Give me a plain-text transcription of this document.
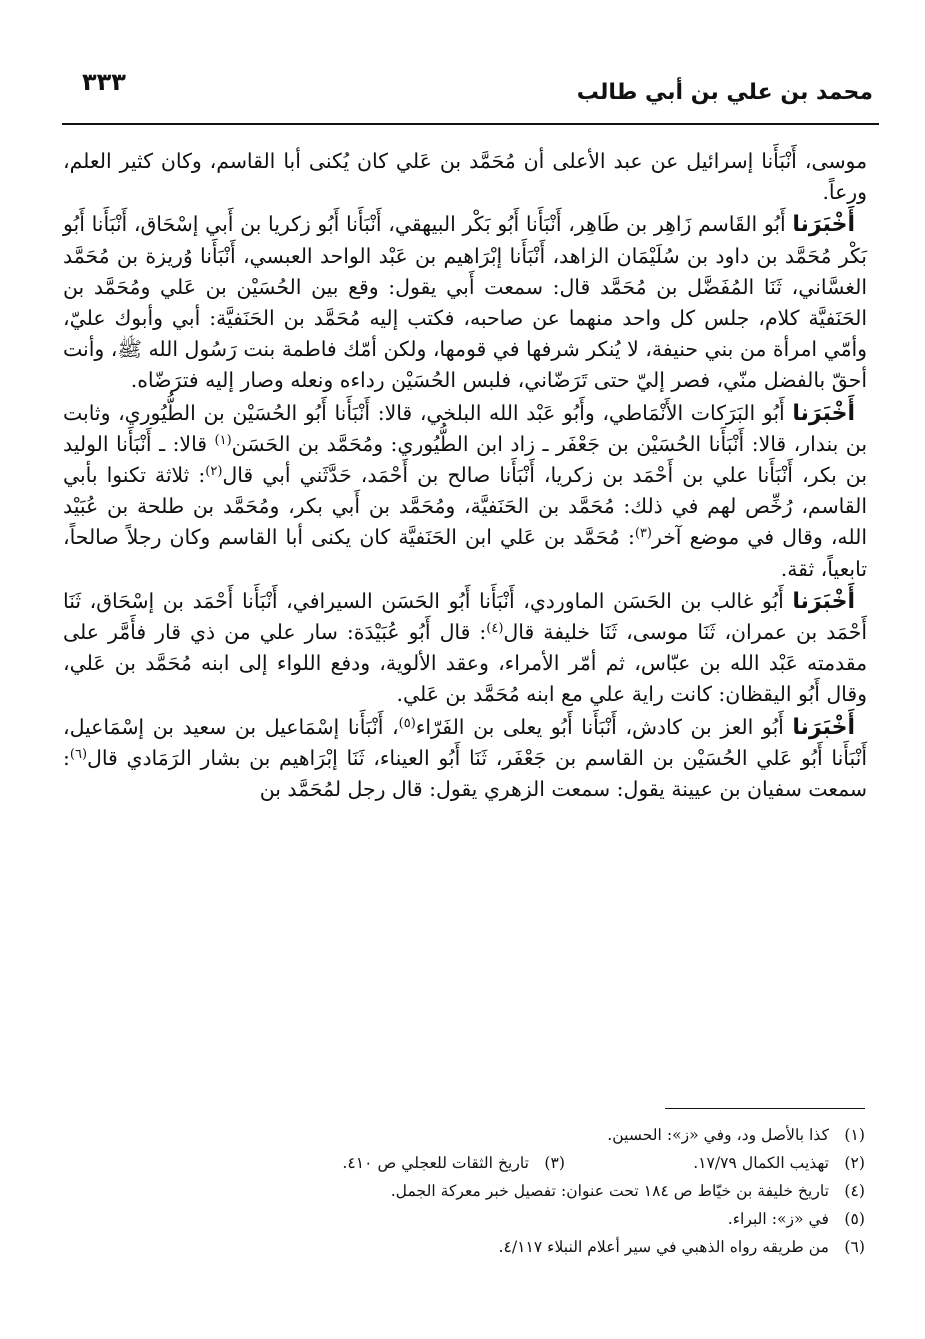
محمد بن علي بن أبي طالب
٣٣٣

موسى، أَنْبَأَنا إسرائيل عن عبد الأعلى أن مُحَمَّد بن عَلي كان يُكنى أبا القاسم، وكان كثير العلم، ورعاً.

أَخْبَرَنا أَبُو القَاسم زَاهِر بن طَاهِر، أَنْبَأَنا أَبُو بَكْر البيهقي، أَنْبَأَنا أَبُو زكريا بن أَبي إسْحَاق، أَنْبَأَنا أَبُو بَكْر مُحَمَّد بن داود بن سُلَيْمَان الزاهد، أَنْبَأَنا إبْرَاهيم بن عَبْد الواحد العبسي، أَنْبَأَنا وُريزة بن مُحَمَّد الغسَّاني، ثَنَا المُفَضَّل بن مُحَمَّد قال: سمعت أَبي يقول: وقع بين الحُسَيْن بن عَلي ومُحَمَّد بن الحَنَفيَّة كلام، جلس كل واحد منهما عن صاحبه، فكتب إليه مُحَمَّد بن الحَنَفيَّة: أبي وأبوك عليّ، وأمّي امرأة من بني حنيفة، لا يُنكر شرفها في قومها، ولكن أمّك فاطمة بنت رَسُول الله ﷺ، وأنت أحقّ بالفضل منّي، فصر إليّ حتى تَرَضّاني، فلبس الحُسَيْن رداءه ونعله وصار إليه فترَضّاه.

أَخْبَرَنا أَبُو البَرَكات الأَنْمَاطي، وأَبُو عَبْد الله البلخي، قالا: أَنْبَأَنا أَبُو الحُسَيْن بن الطُّيُوري، وثابت بن بندار، قالا: أَنْبَأَنا الحُسَيْن بن جَعْفَر ـ زاد ابن الطُّيُوري: ومُحَمَّد بن الحَسَن$^{(١)}$ قالا: ـ أَنْبَأَنا الوليد بن بكر، أَنْبَأَنا علي بن أَحْمَد بن زكريا، أَنْبَأَنا صالح بن أَحْمَد، حَدَّثَني أبي قال$^{(٢)}$: ثلاثة تكنوا بأبي القاسم، رُخِّص لهم في ذلك: مُحَمَّد بن الحَنَفيَّة، ومُحَمَّد بن أَبي بكر، ومُحَمَّد بن طلحة بن عُبَيْد الله، وقال في موضع آخر$^{(٣)}$: مُحَمَّد بن عَلي ابن الحَنَفيَّة كان يكنى أبا القاسم وكان رجلاً صالحاً، تابعياً، ثقة.

أَخْبَرَنا أَبُو غالب بن الحَسَن الماوردي، أَنْبَأَنا أَبُو الحَسَن السيرافي، أَنْبَأَنا أَحْمَد بن إسْحَاق، ثَنَا أَحْمَد بن عمران، ثَنَا موسى، ثَنَا خليفة قال$^{(٤)}$: قال أَبُو عُبَيْدَة: سار علي من ذي قار فأَمَّر على مقدمته عَبْد الله بن عبّاس، ثم أمّر الأمراء، وعقد الألوية، ودفع اللواء إلى ابنه مُحَمَّد بن عَلي، وقال أَبُو اليقظان: كانت راية علي مع ابنه مُحَمَّد بن عَلي.

أَخْبَرَنا أَبُو العز بن كادش، أَنْبَأَنا أَبُو يعلى بن الفَرّاء$^{(٥)}$، أَنْبَأَنا إسْمَاعيل بن سعيد بن إسْمَاعيل، أَنْبَأَنا أَبُو عَلي الحُسَيْن بن القاسم بن جَعْفَر، ثَنَا أَبُو العيناء، ثَنَا إبْرَاهيم بن بشار الرَمَادي قال$^{(٦)}$: سمعت سفيان بن عيينة يقول: سمعت الزهري يقول: قال رجل لمُحَمَّد بن

(١)كذا بالأصل ود، وفي «ز»: الحسين.
(٢)تهذيب الكمال ١٧/٧٩.
(٣)تاريخ الثقات للعجلي ص ٤١٠.
(٤)تاريخ خليفة بن خيّاط ص ١٨٤ تحت عنوان: تفصيل خبر معركة الجمل.
(٥)في «ز»: البراء.
(٦)من طريقه رواه الذهبي في سير أعلام النبلاء ٤/١١٧.
